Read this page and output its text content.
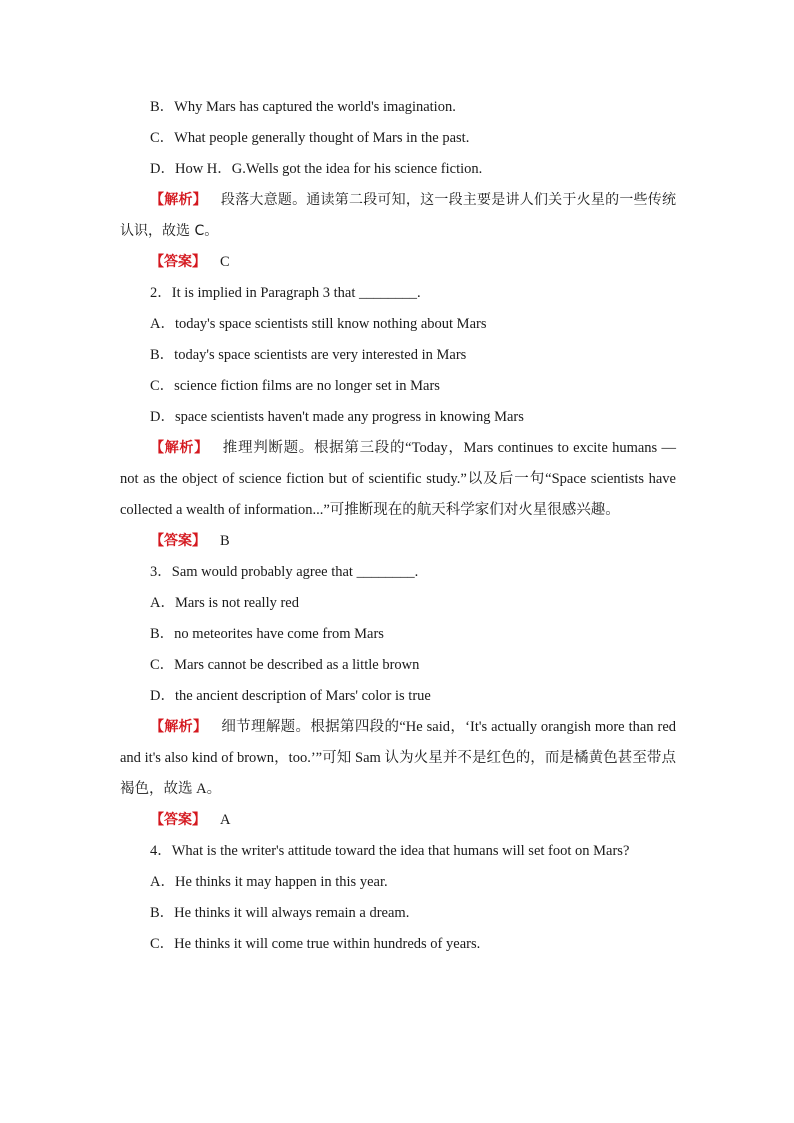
B．Why Mars has captured the world's imagination.
C．What people generally thought of Mars in the past.
D．How H．G.Wells got the idea for his science fiction.
【解析】 段落大意题。通读第二段可知，这一段主要是讲人们关于火星的一些传统认识，故选 C。
【答案】 C
2．It is implied in Paragraph 3 that ________.
A．today's space scientists still know nothing about Mars
B．today's space scientists are very interested in Mars
C．science fiction films are no longer set in Mars
D．space scientists haven't made any progress in knowing Mars
【解析】 推理判断题。根据第三段的“Today，Mars continues to excite humans —not as the object of science fiction but of scientific study.”以及后一句“Space scientists have collected a wealth of information...”可推断现在的航天科学家们对火星很感兴趣。
【答案】 B
3．Sam would probably agree that ________.
A．Mars is not really red
B．no meteorites have come from Mars
C．Mars cannot be described as a little brown
D．the ancient description of Mars' color is true
【解析】 细节理解题。根据第四段的“He said，‘It's actually orangish more than red and it's also kind of brown，too.’”可知 Sam 认为火星并不是红色的，而是橘黄色甚至带点褐色，故选 A。
【答案】 A
4．What is the writer's attitude toward the idea that humans will set foot on Mars?
A．He thinks it may happen in this year.
B．He thinks it will always remain a dream.
C．He thinks it will come true within hundreds of years.
